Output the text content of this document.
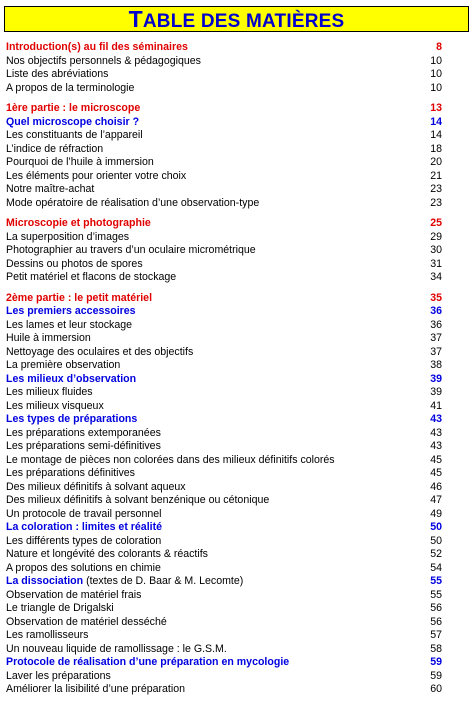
TABLE DES MATIÈRES
Introduction(s) au fil des séminaires	8
Nos objectifs personnels & pédagogiques	10
Liste des abréviations	10
A propos de la terminologie	10
1ère partie : le microscope	13
Quel microscope choisir ?	14
Les constituants de l’appareil	14
L’indice de réfraction	18
Pourquoi de l’huile à immersion	20
Les éléments pour orienter votre choix	21
Notre maître-achat	23
Mode opératoire de réalisation d’une observation-type	23
Microscopie et photographie	25
La superposition d’images	29
Photographier au travers d’un oculaire micrométrique	30
Dessins ou photos de spores	31
Petit matériel et flacons de stockage	34
2ème partie : le petit matériel	35
Les premiers accessoires	36
Les lames et leur stockage	36
Huile à immersion	37
Nettoyage des oculaires et des objectifs	37
La première observation	38
Les milieux d’observation	39
Les milieux fluides	39
Les milieux visqueux	41
Les types de préparations	43
Les préparations extemporanées	43
Les préparations semi-définitives	43
Le montage de pièces non colorées dans des milieux définitifs colorés	45
Les préparations définitives	45
Des milieux définitifs à solvant aqueux	46
Des milieux définitifs à solvant benzénique ou cétonique	47
Un protocole de travail personnel	49
La coloration : limites et réalité	50
Les différents types de coloration	50
Nature et longévité des colorants & réactifs	52
A propos des solutions en chimie	54
La dissociation (textes de D. Baar & M. Lecomte)	55
Observation de matériel frais	55
Le triangle de Drigalski	56
Observation de matériel desséché	56
Les ramollisseurs	57
Un nouveau liquide de ramollissage : le G.S.M.	58
Protocole de réalisation d’une préparation en mycologie	59
Laver les préparations	59
Améliorer la lisibilité d’une préparation	60
